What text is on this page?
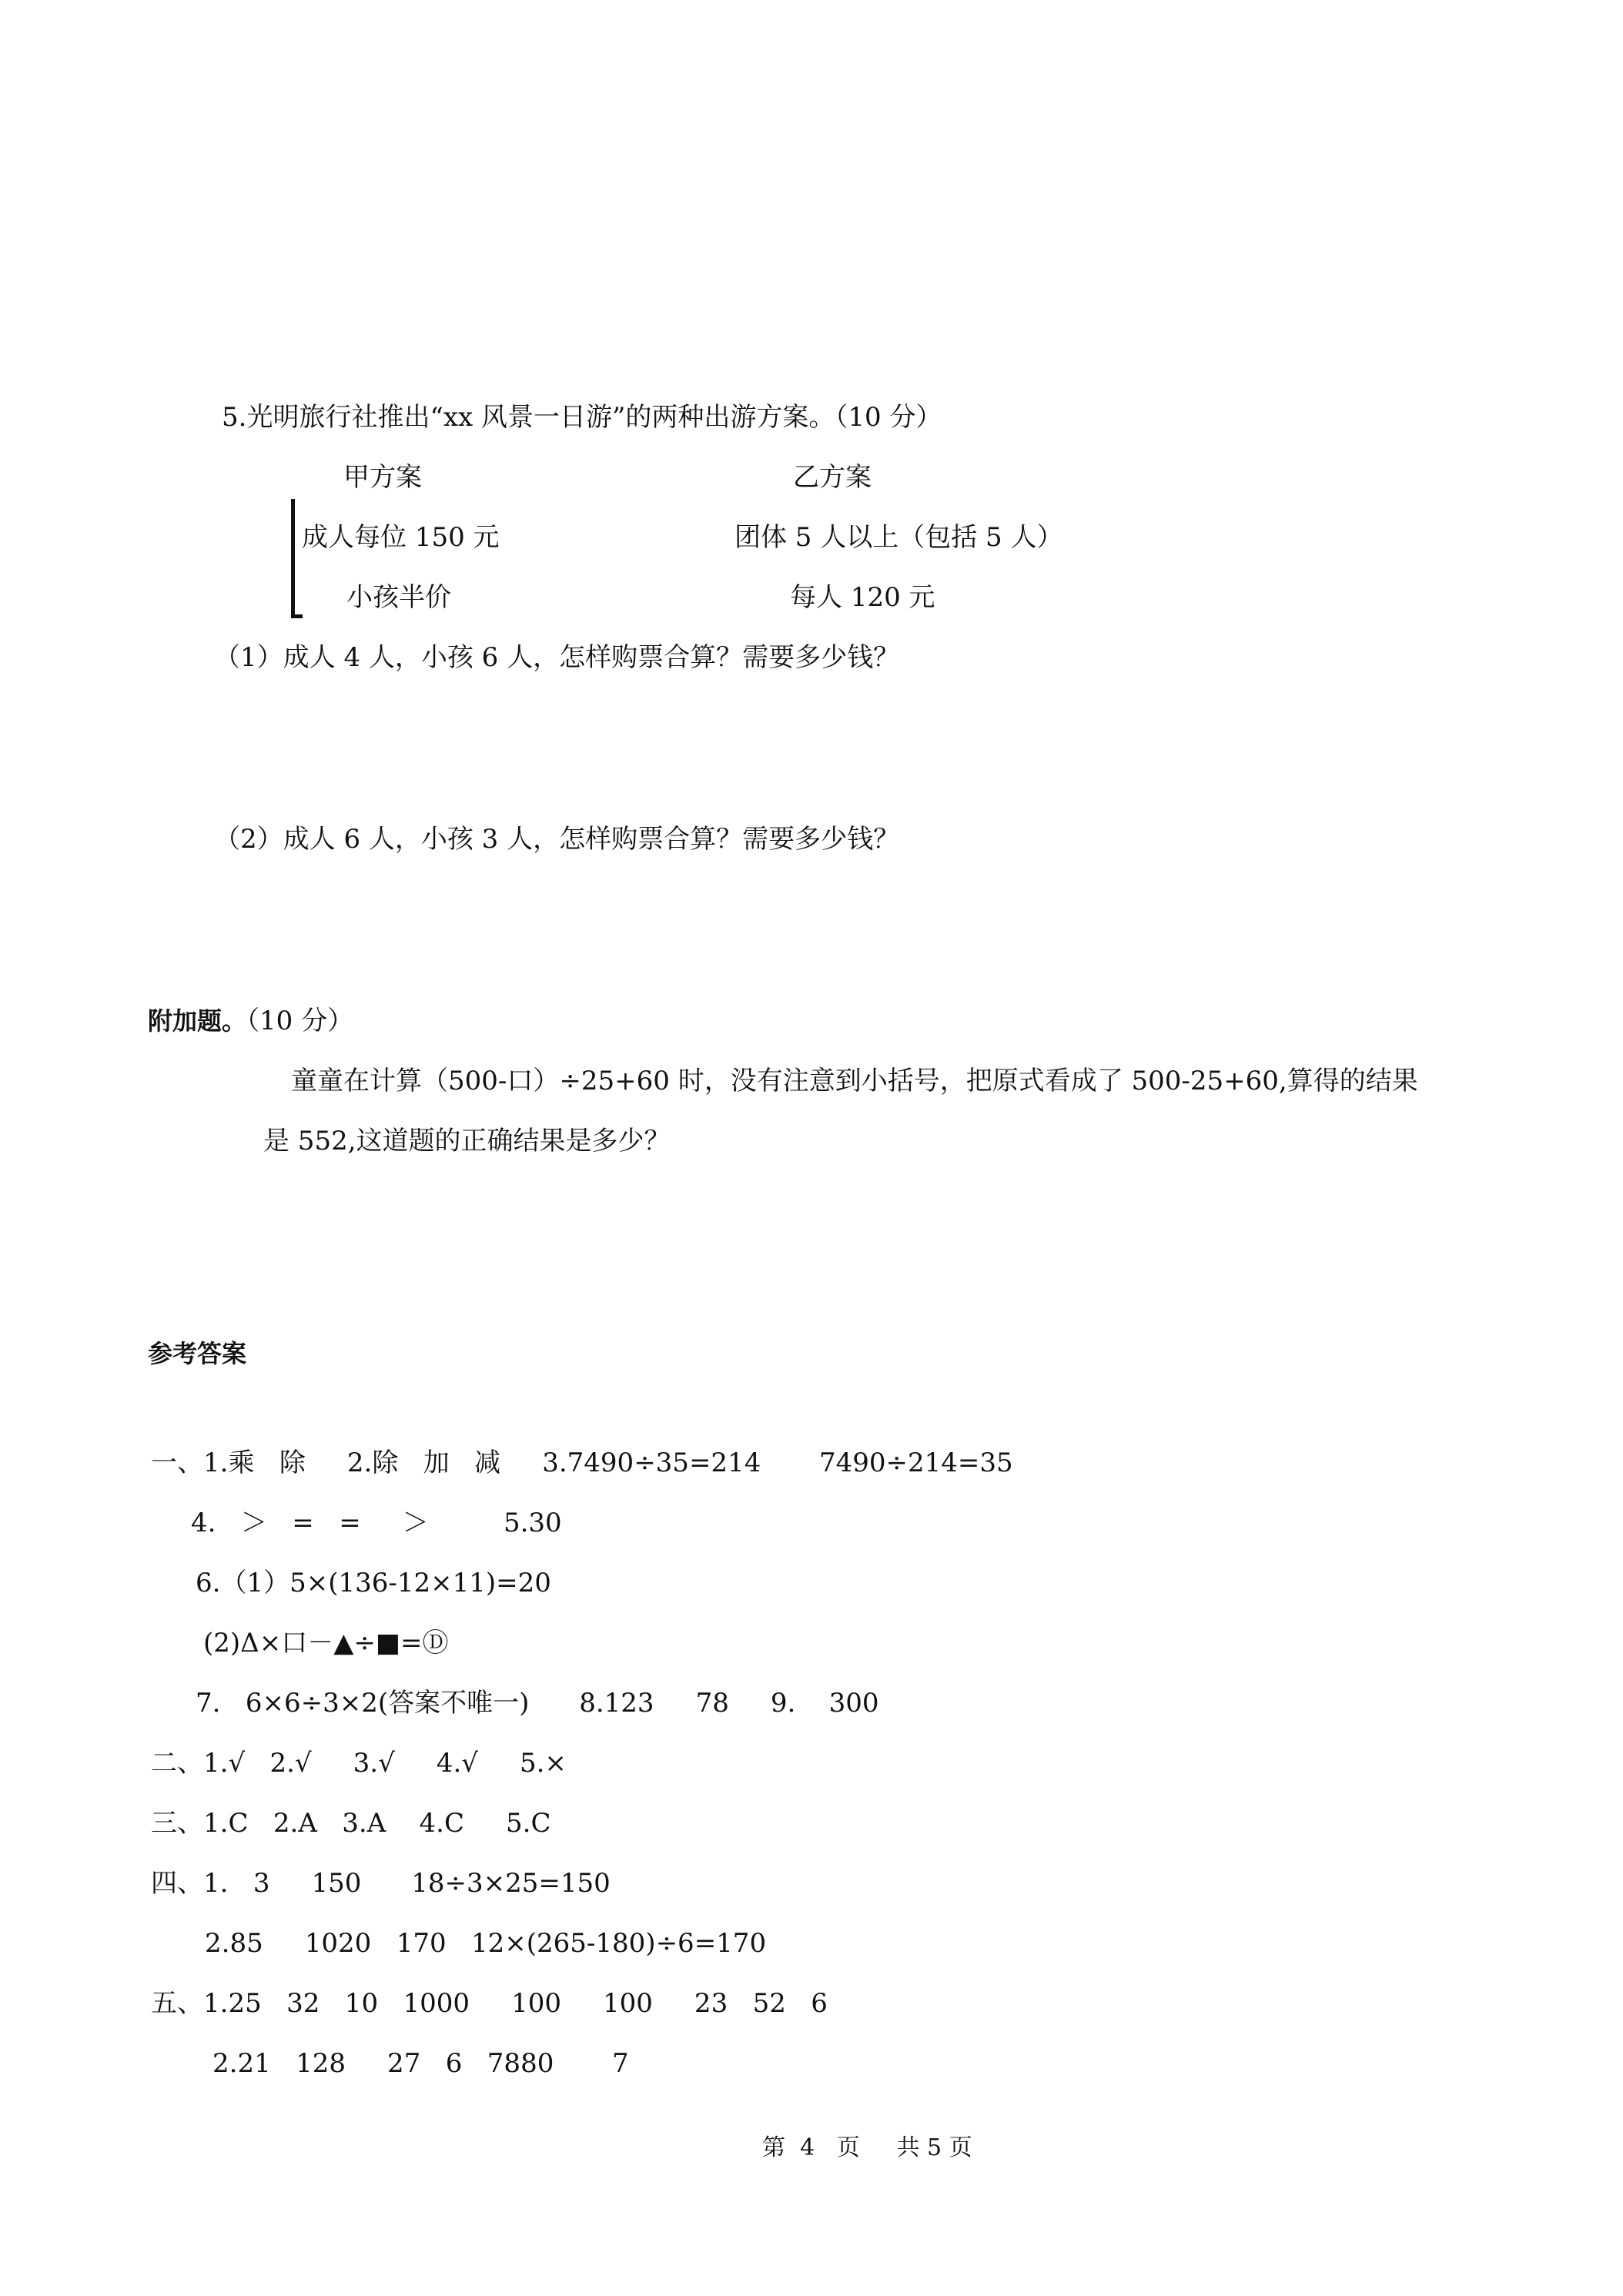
5.光明旅行社推出“xx 风景一日游”的两种出游方案。（10 分）
甲方案	乙方案
成人每位 150 元	团体 5 人以上（包括 5 人）
小孩半价	每人 120 元
（1）成人 4 人，小孩 6 人，怎样购票合算？需要多少钱？
（2）成人 6 人，小孩 3 人，怎样购票合算？需要多少钱？
附加题。（10 分）
童童在计算（500-口）÷25+60 时，没有注意到小括号，把原式看成了 500-25+60,算得的结果
是 552,这道题的正确结果是多少？
参考答案
一、1.乘   除     2.除   加   减     3.7490÷35=214       7490÷214=35
4.   ＞   =   =     ＞         5.30
6.（1）5×(136-12×11)=20
(2)Δ×口－▲÷■=Ⓓ
7.   6×6÷3×2(答案不唯一)      8.123     78     9.    300
二、1.√   2.√     3.√     4.√     5.×
三、1.C   2.A   3.A    4.C     5.C
四、1.   3     150      18÷3×25=150
2.85     1020   170   12×(265-180)÷6=170
五、1.25   32   10   1000     100     100     23   52   6
2.21   128     27   6   7880       7
第  4   页     共 5 页
